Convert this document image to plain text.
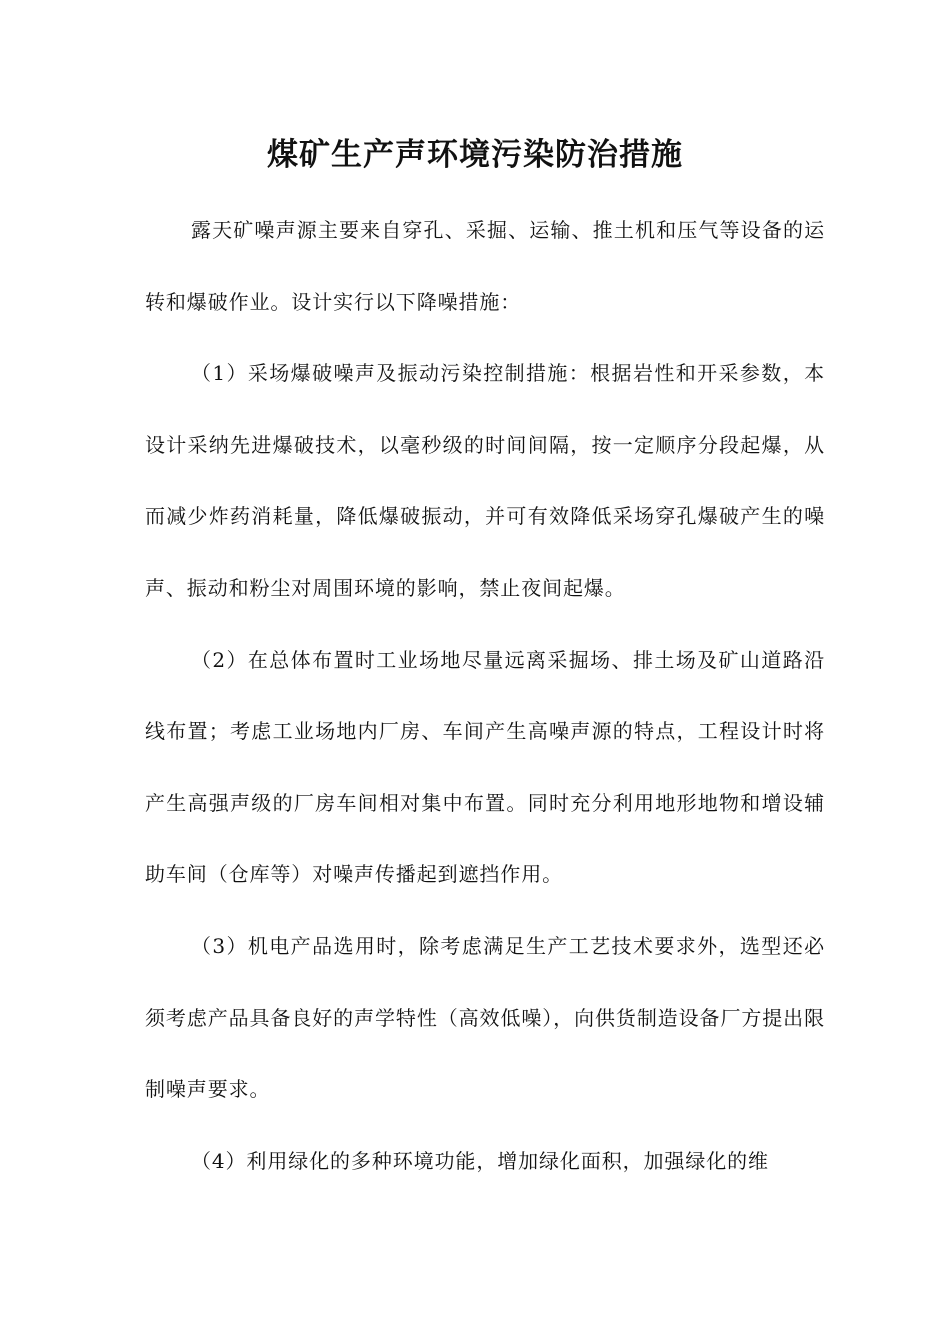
煤矿生产声环境污染防治措施

露天矿噪声源主要来自穿孔、采掘、运输、推土机和压气等设备的运转和爆破作业。设计实行以下降噪措施：

（1）采场爆破噪声及振动污染控制措施：根据岩性和开采参数，本设计采纳先进爆破技术，以毫秒级的时间间隔，按一定顺序分段起爆，从而减少炸药消耗量，降低爆破振动，并可有效降低采场穿孔爆破产生的噪声、振动和粉尘对周围环境的影响，禁止夜间起爆。

（2）在总体布置时工业场地尽量远离采掘场、排土场及矿山道路沿线布置；考虑工业场地内厂房、车间产生高噪声源的特点，工程设计时将产生高强声级的厂房车间相对集中布置。同时充分利用地形地物和增设辅助车间（仓库等）对噪声传播起到遮挡作用。

（3）机电产品选用时，除考虑满足生产工艺技术要求外，选型还必须考虑产品具备良好的声学特性（高效低噪），向供货制造设备厂方提出限制噪声要求。

（4）利用绿化的多种环境功能，增加绿化面积，加强绿化的维
